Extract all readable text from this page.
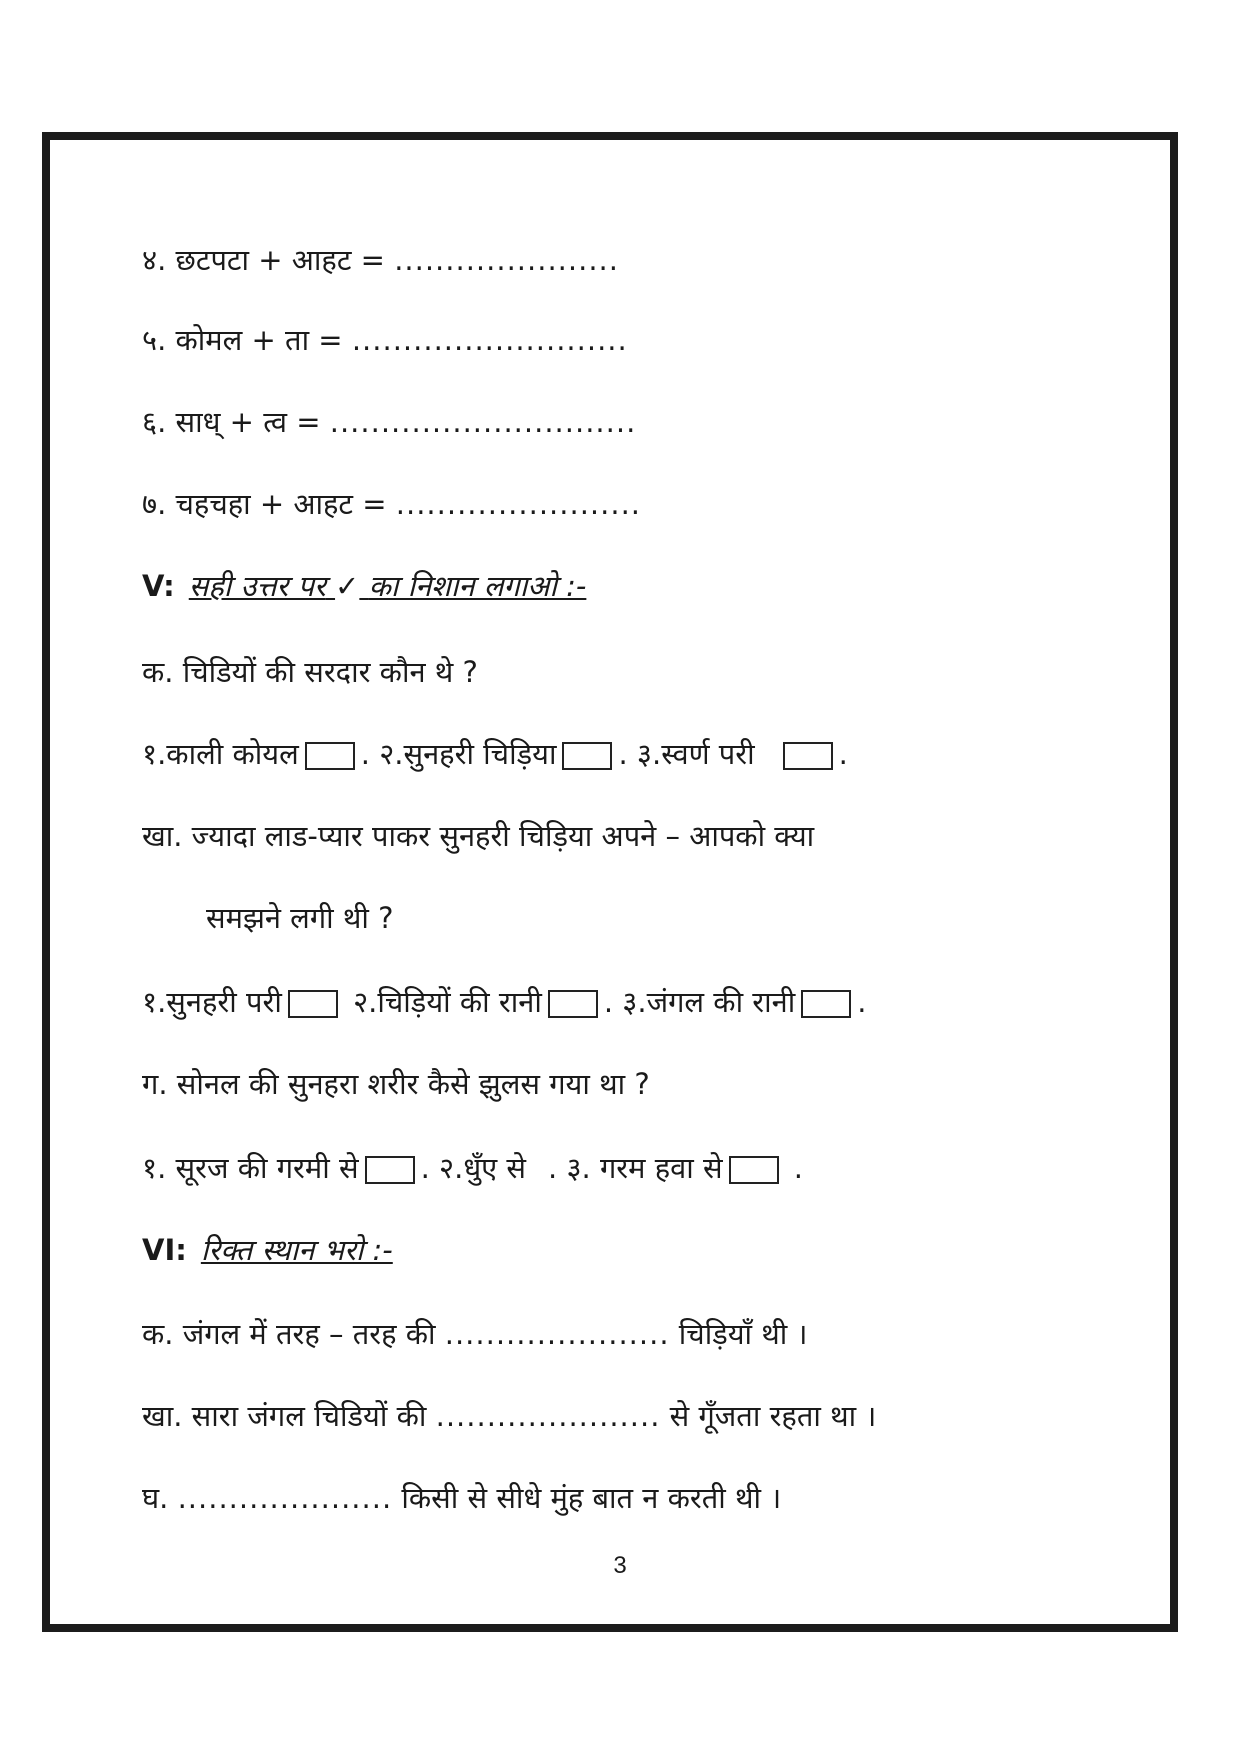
४. छटपटा + आहट = ......................
५. कोमल + ता = ...........................
६. साध् + त्व = ..............................
७. चहचहा + आहट = ........................
V: सही उत्तर पर ✓ का निशान लगाओ :-
क. चिडियों की सरदार कौन थे ?
१.काली कोयल . २.सुनहरी चिड़िया . ३.स्वर्ण परी	.
खा. ज्यादा लाड-प्यार पाकर सुनहरी चिड़िया अपने – आपको क्या
समझने लगी थी ?
१.सुनहरी परी २.चिड़ियों की रानी . ३.जंगल की रानी .
ग. सोनल की सुनहरा शरीर कैसे झुलस गया था ?
१. सूरज की गरमी से . २.धुँए से . ३. गरम हवा से .
VI: रिक्त स्थान भरो :-
क. जंगल में तरह – तरह की ...................... चिड़ियाँ थी ।
खा. सारा जंगल चिडियों की ...................... से गूँजता रहता था ।
घ. ..................... किसी से सीधे मुंह बात न करती थी ।
3
